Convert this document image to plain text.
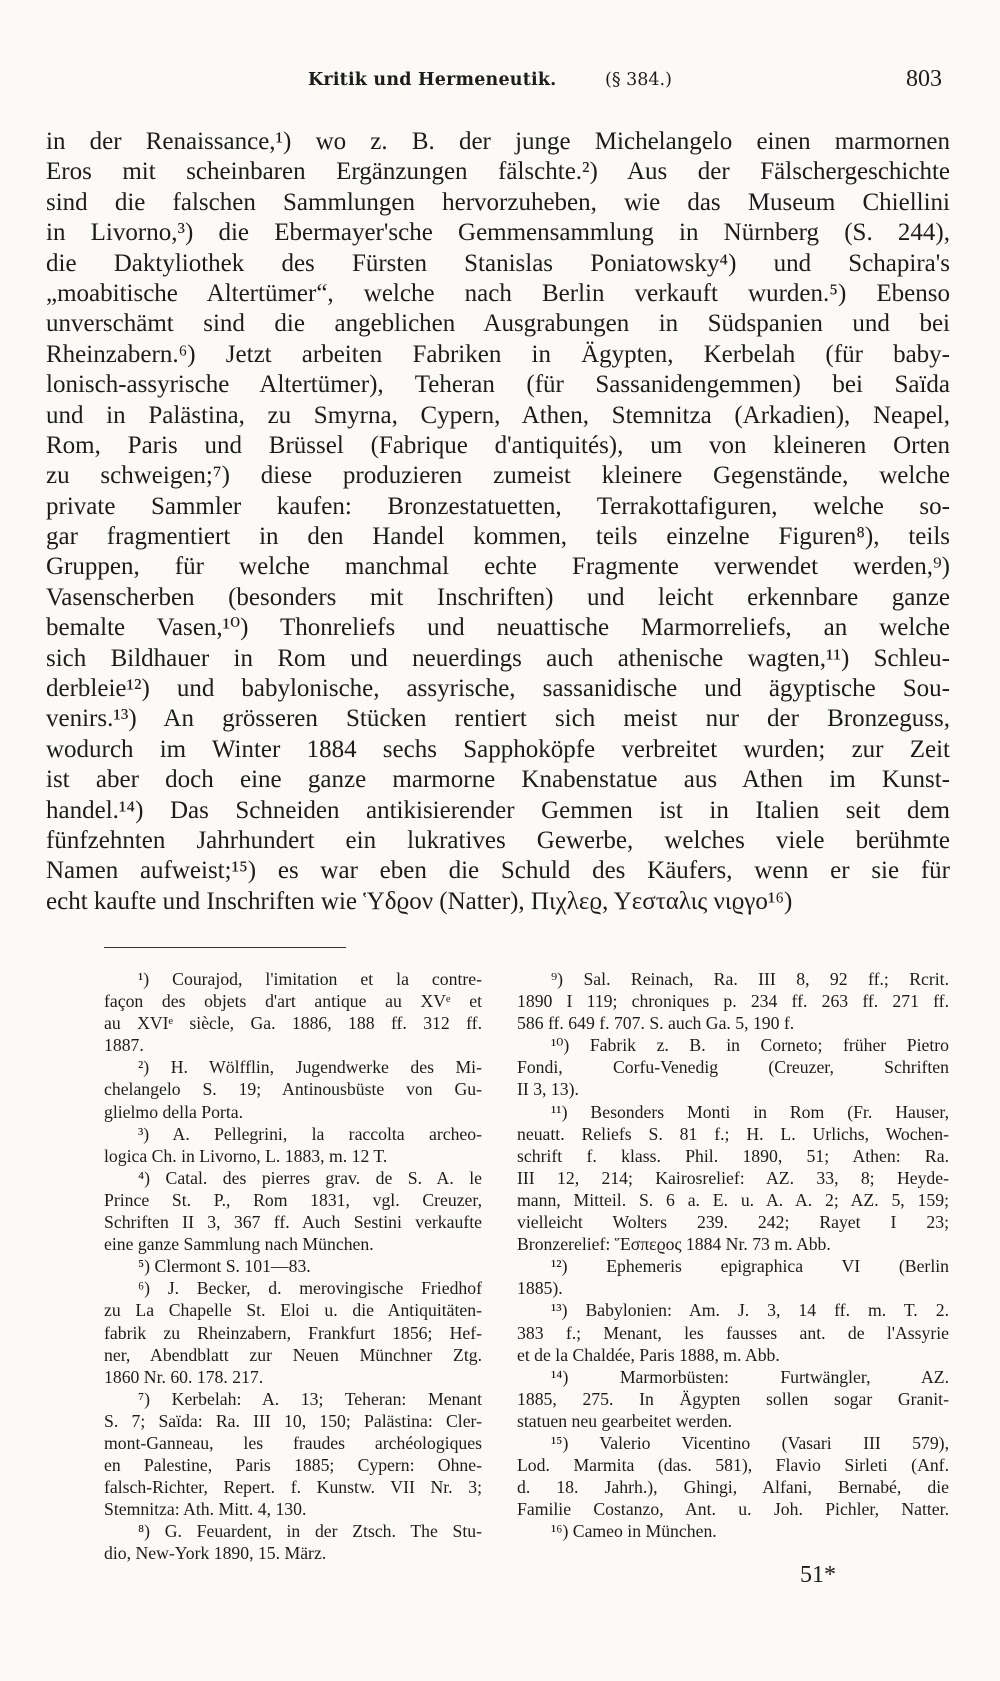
Kritik und Hermeneutik.	(§ 384.)	803
in der Renaissance,¹) wo z. B. der junge Michelangelo einen marmornen
Eros mit scheinbaren Ergänzungen fälschte.²) Aus der Fälschergeschichte
sind die falschen Sammlungen hervorzuheben, wie das Museum Chiellini
in Livorno,³) die Ebermayer'sche Gemmensammlung in Nürnberg (S. 244),
die Daktyliothek des Fürsten Stanislas Poniatowsky⁴) und Schapira's
„moabitische Altertümer“, welche nach Berlin verkauft wurden.⁵) Ebenso
unverschämt sind die angeblichen Ausgrabungen in Südspanien und bei
Rheinzabern.⁶) Jetzt arbeiten Fabriken in Ägypten, Kerbelah (für baby-
lonisch-assyrische Altertümer), Teheran (für Sassanidengemmen) bei Saïda
und in Palästina, zu Smyrna, Cypern, Athen, Stemnitza (Arkadien), Neapel,
Rom, Paris und Brüssel (Fabrique d'antiquités), um von kleineren Orten
zu schweigen;⁷) diese produzieren zumeist kleinere Gegenstände, welche
private Sammler kaufen: Bronzestatuetten, Terrakottafiguren, welche so-
gar fragmentiert in den Handel kommen, teils einzelne Figuren⁸), teils
Gruppen, für welche manchmal echte Fragmente verwendet werden,⁹)
Vasenscherben (besonders mit Inschriften) und leicht erkennbare ganze
bemalte Vasen,¹⁰) Thonreliefs und neuattische Marmorreliefs, an welche
sich Bildhauer in Rom und neuerdings auch athenische wagten,¹¹) Schleu-
derbleie¹²) und babylonische, assyrische, sassanidische und ägyptische Sou-
venirs.¹³) An grösseren Stücken rentiert sich meist nur der Bronzeguss,
wodurch im Winter 1884 sechs Sapphoköpfe verbreitet wurden; zur Zeit
ist aber doch eine ganze marmorne Knabenstatue aus Athen im Kunst-
handel.¹⁴) Das Schneiden antikisierender Gemmen ist in Italien seit dem
fünfzehnten Jahrhundert ein lukratives Gewerbe, welches viele berühmte
Namen aufweist;¹⁵) es war eben die Schuld des Käufers, wenn er sie für
echt kaufte und Inschriften wie Ὑδϱον (Natter), Πιχλεϱ, Υεσταλις νιϱγο¹⁶)
¹) Courajod, l'imitation et la contre-
façon des objets d'art antique au XVᵉ et
au XVIᵉ siècle, Ga. 1886, 188 ff. 312 ff.
1887.
²) H. Wölfflin, Jugendwerke des Mi-
chelangelo S. 19; Antinousbüste von Gu-
glielmo della Porta.
³) A. Pellegrini, la raccolta archeo-
logica Ch. in Livorno, L. 1883, m. 12 T.
⁴) Catal. des pierres grav. de S. A. le
Prince St. P., Rom 1831, vgl. Creuzer,
Schriften II 3, 367 ff. Auch Sestini verkaufte
eine ganze Sammlung nach München.
⁵) Clermont S. 101—83.
⁶) J. Becker, d. merovingische Friedhof
zu La Chapelle St. Eloi u. die Antiquitäten-
fabrik zu Rheinzabern, Frankfurt 1856; Hef-
ner, Abendblatt zur Neuen Münchner Ztg.
1860 Nr. 60. 178. 217.
⁷) Kerbelah: A. 13; Teheran: Menant
S. 7; Saïda: Ra. III 10, 150; Palästina: Cler-
mont-Ganneau, les fraudes archéologiques
en Palestine, Paris 1885; Cypern: Ohne-
falsch-Richter, Repert. f. Kunstw. VII Nr. 3;
Stemnitza: Ath. Mitt. 4, 130.
⁸) G. Feuardent, in der Ztsch. The Stu-
dio, New-York 1890, 15. März.
⁹) Sal. Reinach, Ra. III 8, 92 ff.; Rcrit.
1890 I 119; chroniques p. 234 ff. 263 ff. 271 ff.
586 ff. 649 f. 707. S. auch Ga. 5, 190 f.
¹⁰) Fabrik z. B. in Corneto; früher Pietro
Fondi, Corfu-Venedig (Creuzer, Schriften
II 3, 13).
¹¹) Besonders Monti in Rom (Fr. Hauser,
neuatt. Reliefs S. 81 f.; H. L. Urlichs, Wochen-
schrift f. klass. Phil. 1890, 51; Athen: Ra.
III 12, 214; Kairosrelief: AZ. 33, 8; Heyde-
mann, Mitteil. S. 6 a. E. u. A. A. 2; AZ. 5, 159;
vielleicht Wolters 239. 242; Rayet I 23;
Bronzerelief: Ἕσπεϱος 1884 Nr. 73 m. Abb.
¹²) Ephemeris epigraphica VI (Berlin
1885).
¹³) Babylonien: Am. J. 3, 14 ff. m. T. 2.
383 f.; Menant, les fausses ant. de l'Assyrie
et de la Chaldée, Paris 1888, m. Abb.
¹⁴) Marmorbüsten: Furtwängler, AZ.
1885, 275. In Ägypten sollen sogar Granit-
statuen neu gearbeitet werden.
¹⁵) Valerio Vicentino (Vasari III 579),
Lod. Marmita (das. 581), Flavio Sirleti (Anf.
d. 18. Jahrh.), Ghingi, Alfani, Bernabé, die
Familie Costanzo, Ant. u. Joh. Pichler, Natter.
¹⁶) Cameo in München.
51*
